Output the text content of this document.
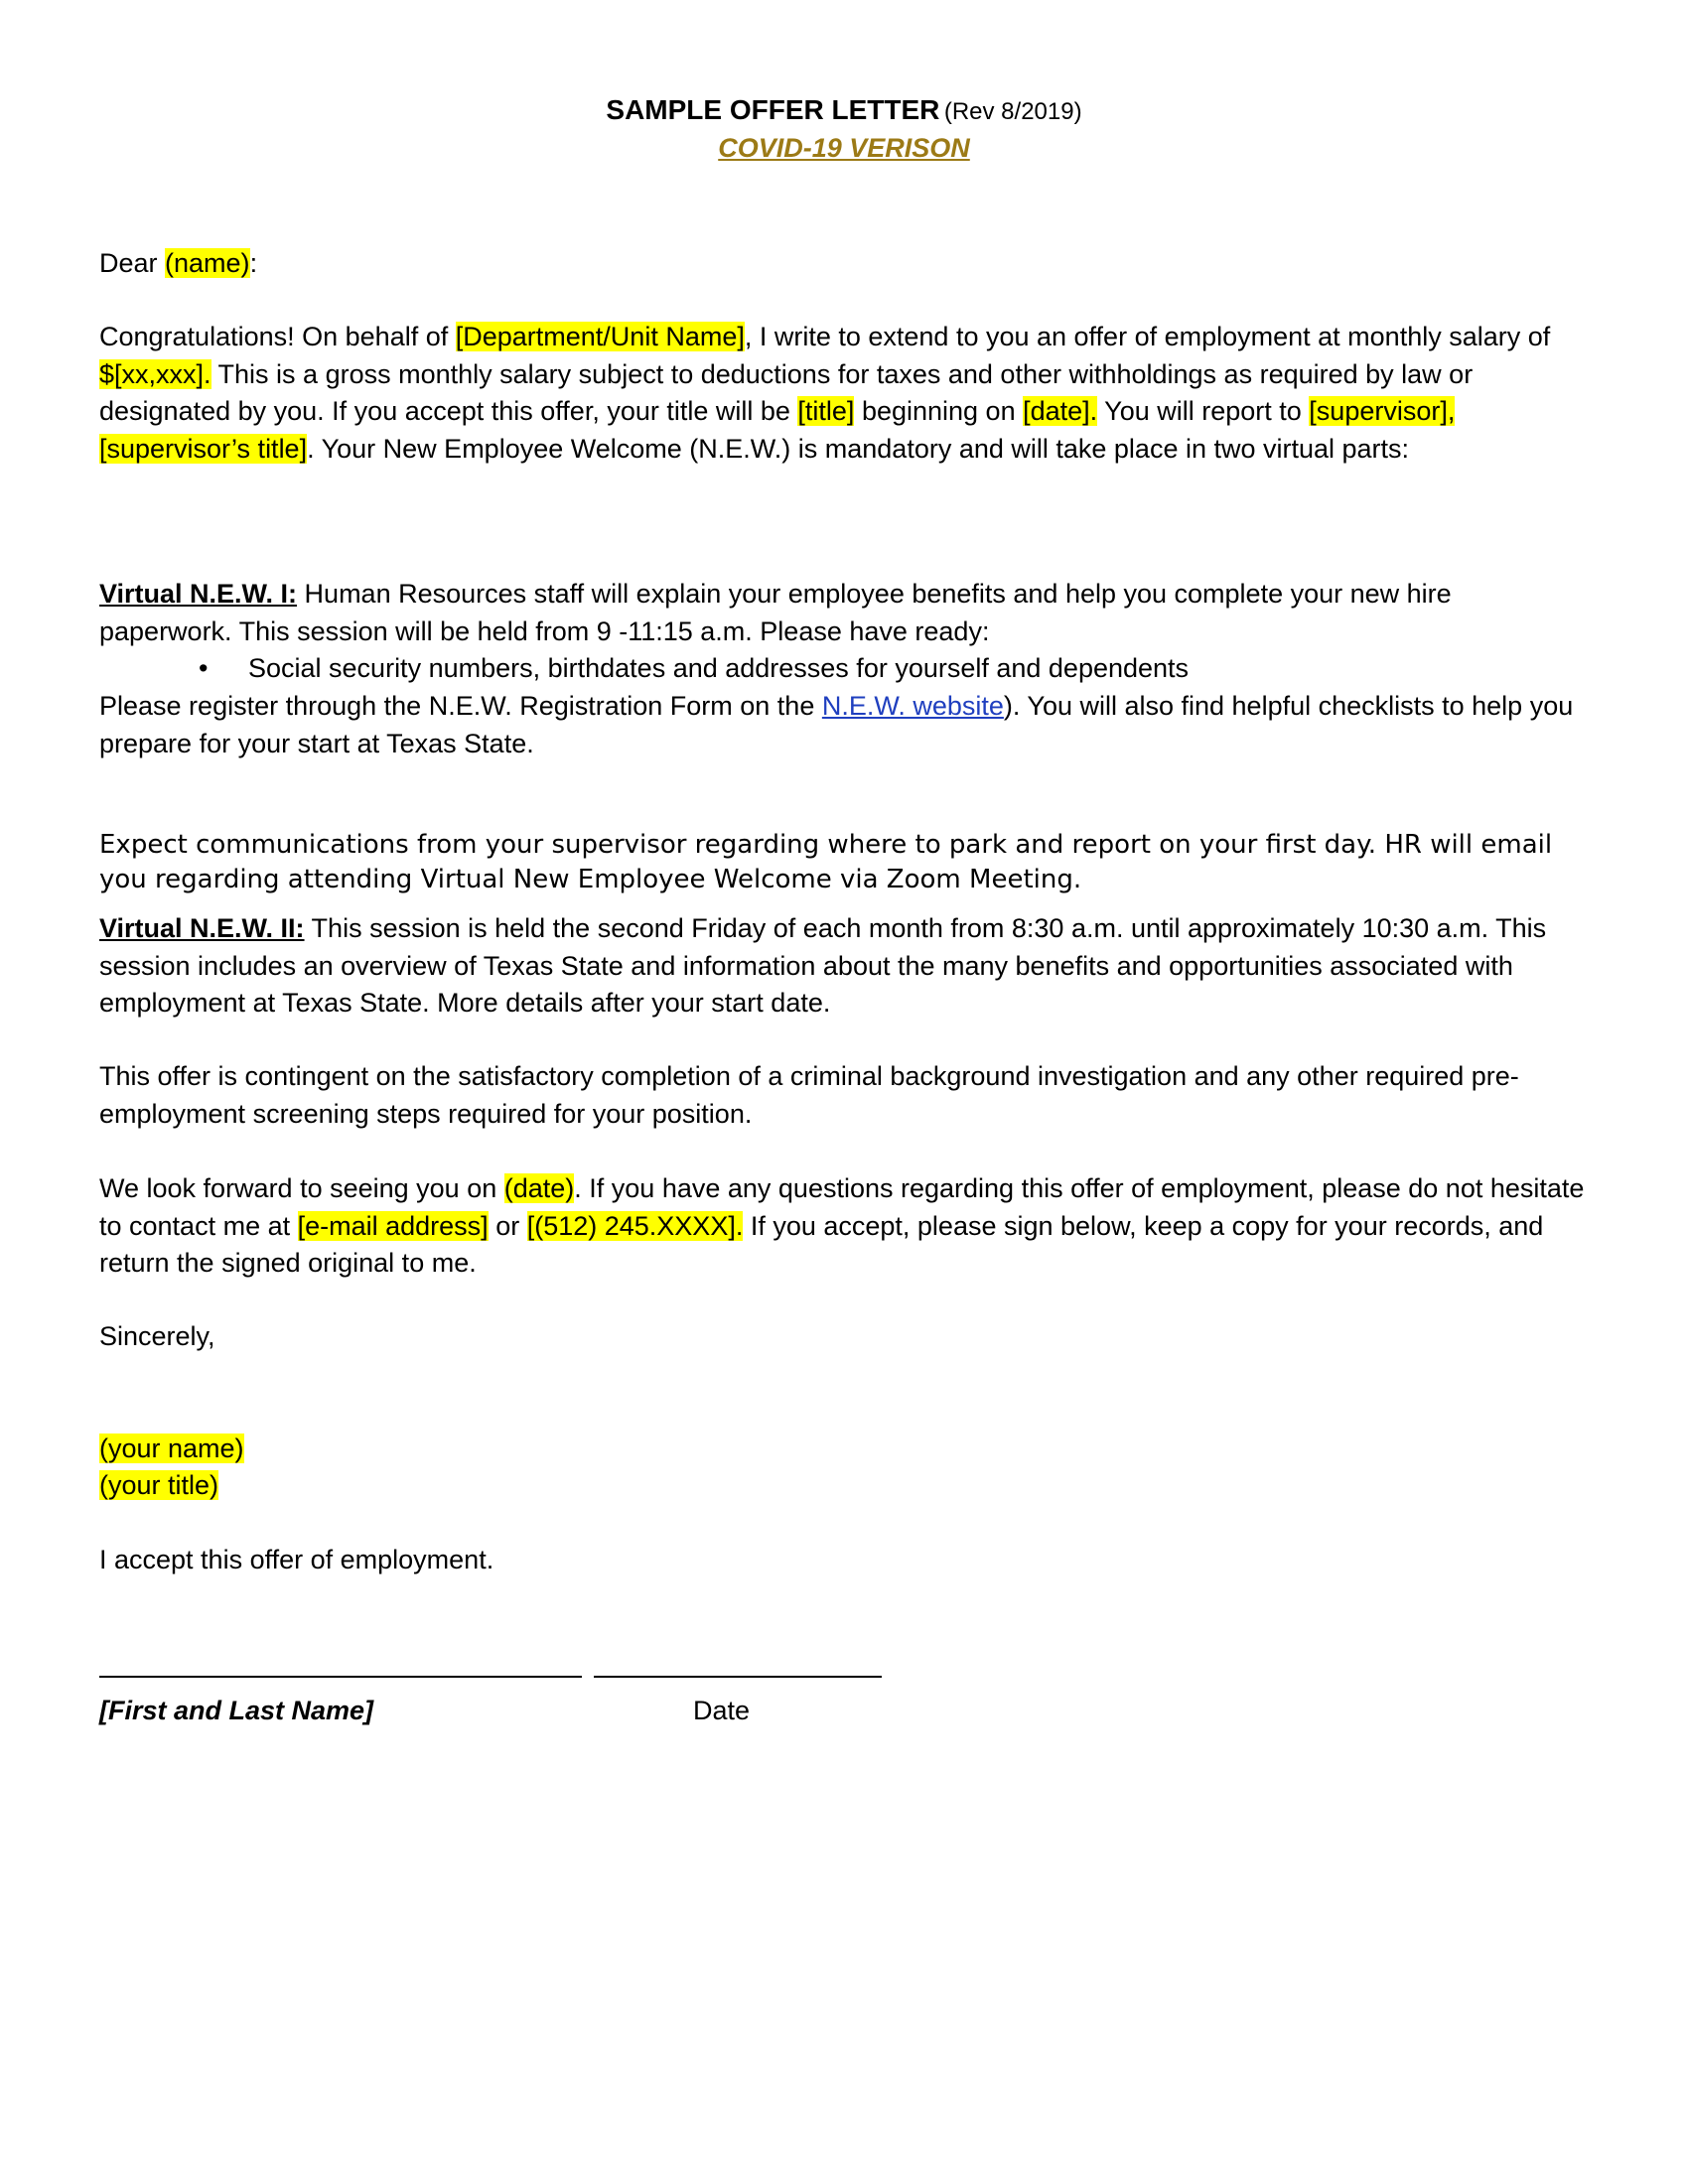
SAMPLE OFFER LETTER (Rev 8/2019)
COVID-19 VERISON

Dear (name):

Congratulations! On behalf of [Department/Unit Name], I write to extend to you an offer of employment at monthly salary of $[xx,xxx]. This is a gross monthly salary subject to deductions for taxes and other withholdings as required by law or designated by you. If you accept this offer, your title will be [title] beginning on [date]. You will report to [supervisor], [supervisor’s title]. Your New Employee Welcome (N.E.W.) is mandatory and will take place in two virtual parts:

Virtual N.E.W. I: Human Resources staff will explain your employee benefits and help you complete your new hire paperwork. This session will be held from 9 -11:15 a.m. Please have ready:

• Social security numbers, birthdates and addresses for yourself and dependents

Please register through the N.E.W. Registration Form on the N.E.W. website). You will also find helpful checklists to help you prepare for your start at Texas State.

Expect communications from your supervisor regarding where to park and report on your first day. HR will email you regarding attending Virtual New Employee Welcome via Zoom Meeting.

Virtual N.E.W. II: This session is held the second Friday of each month from 8:30 a.m. until approximately 10:30 a.m. This session includes an overview of Texas State and information about the many benefits and opportunities associated with employment at Texas State. More details after your start date.

This offer is contingent on the satisfactory completion of a criminal background investigation and any other required pre-employment screening steps required for your position.

We look forward to seeing you on (date). If you have any questions regarding this offer of employment, please do not hesitate to contact me at [e-mail address] or [(512) 245.XXXX]. If you accept, please sign below, keep a copy for your records, and return the signed original to me.

Sincerely,

(your name)

(your title)

I accept this offer of employment.

[First and Last Name]	Date
